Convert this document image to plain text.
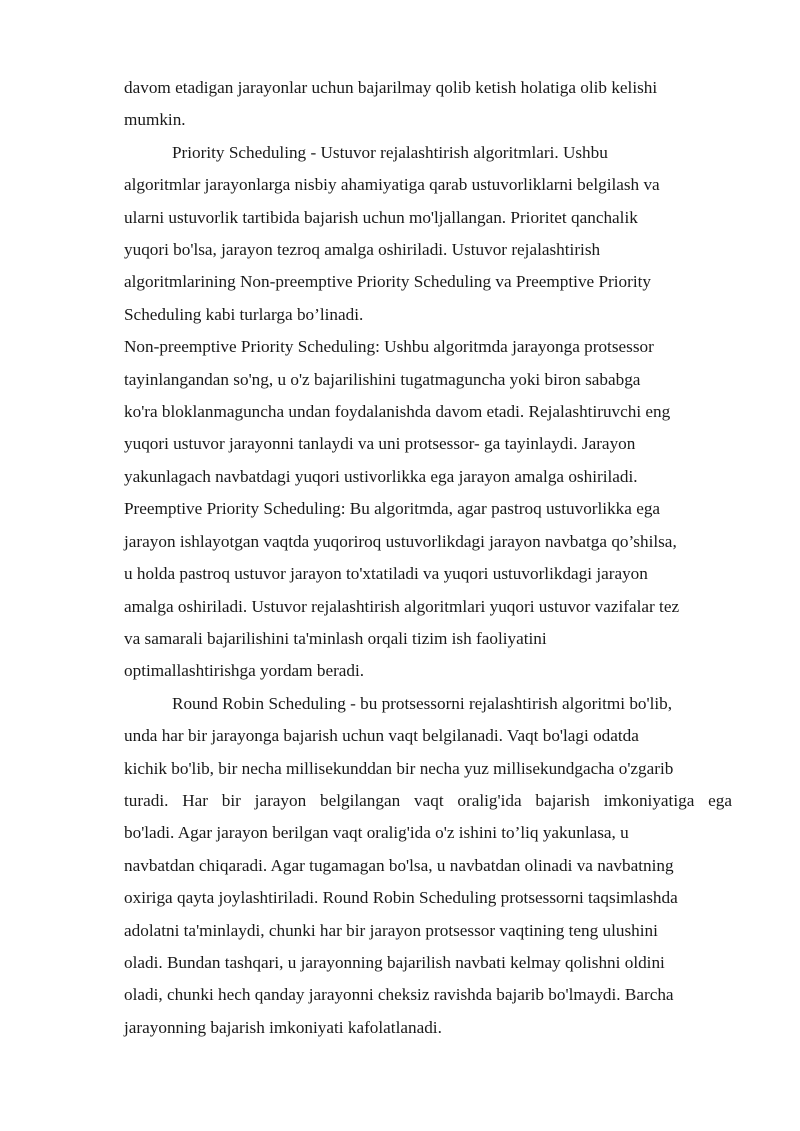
davom etadigan jarayonlar uchun bajarilmay qolib ketish holatiga olib kelishi
mumkin.

Priority Scheduling - Ustuvor rejalashtirish algoritmlari. Ushbu
algoritmlar jarayonlarga nisbiy ahamiyatiga qarab ustuvorliklarni belgilash va
ularni ustuvorlik tartibida bajarish uchun mo'ljallangan. Prioritet qanchalik
yuqori bo'lsa, jarayon tezroq amalga oshiriladi. Ustuvor rejalashtirish
algoritmlarining Non-preemptive Priority Scheduling va Preemptive Priority
Scheduling kabi turlarga bo’linadi.

Non-preemptive Priority Scheduling: Ushbu algoritmda jarayonga protsessor
tayinlangandan so'ng, u o'z bajarilishini tugatmaguncha yoki biron sababga
ko'ra bloklanmaguncha undan foydalanishda davom etadi. Rejalashtiruvchi eng
yuqori ustuvor jarayonni tanlaydi va uni protsessor- ga tayinlaydi. Jarayon
yakunlagach navbatdagi yuqori ustivorlikka ega jarayon amalga oshiriladi.

Preemptive Priority Scheduling: Bu algoritmda, agar pastroq ustuvorlikka ega
jarayon ishlayotgan vaqtda yuqoriroq ustuvorlikdagi jarayon navbatga qo’shilsa,
u holda pastroq ustuvor jarayon to'xtatiladi va yuqori ustuvorlikdagi jarayon
amalga oshiriladi. Ustuvor rejalashtirish algoritmlari yuqori ustuvor vazifalar tez
va samarali bajarilishini ta'minlash orqali tizim ish faoliyatini
optimallashtirishga yordam beradi.

Round Robin Scheduling - bu protsessorni rejalashtirish algoritmi bo'lib,
unda har bir jarayonga bajarish uchun vaqt belgilanadi. Vaqt bo'lagi odatda
kichik bo'lib, bir necha millisekunddan bir necha yuz millisekundgacha o'zgarib
turadi. Har bir jarayon belgilangan vaqt oralig'ida bajarish imkoniyatiga ega
bo'ladi. Agar jarayon berilgan vaqt oralig'ida o'z ishini to’liq yakunlasa, u
navbatdan chiqaradi. Agar tugamagan bo'lsa, u navbatdan olinadi va navbatning
oxiriga qayta joylashtiriladi. Round Robin Scheduling protsessorni taqsimlashda
adolatni ta'minlaydi, chunki har bir jarayon protsessor vaqtining teng ulushini
oladi. Bundan tashqari, u jarayonning bajarilish navbati kelmay qolishni oldini
oladi, chunki hech qanday jarayonni cheksiz ravishda bajarib bo'lmaydi. Barcha
jarayonning bajarish imkoniyati kafolatlanadi.
